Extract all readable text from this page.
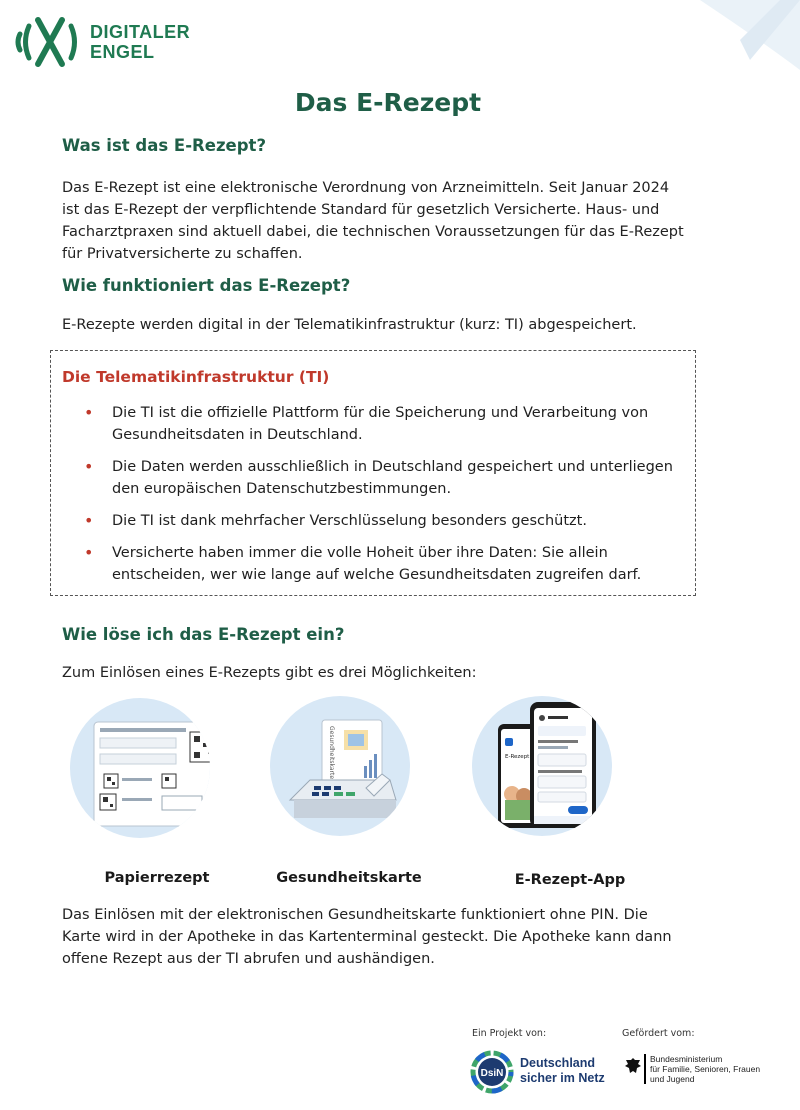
DIGITALER
ENGEL
Das E-Rezept
Was ist das E-Rezept?

Das E-Rezept ist eine elektronische Verordnung von Arzneimitteln. Seit Januar 2024
ist das E-Rezept der verpflichtende Standard für gesetzlich Versicherte. Haus- und
Facharztpraxen sind aktuell dabei, die technischen Voraussetzungen für das E-Rezept
für Privatversicherte zu schaffen.

Wie funktioniert das E-Rezept?

E-Rezepte werden digital in der Telematikinfrastruktur (kurz: TI) abgespeichert.

Die Telematikinfrastruktur (TI)
• Die TI ist die offizielle Plattform für die Speicherung und Verarbeitung von
Gesundheitsdaten in Deutschland.
• Die Daten werden ausschließlich in Deutschland gespeichert und unterliegen
den europäischen Datenschutzbestimmungen.
• Die TI ist dank mehrfacher Verschlüsselung besonders geschützt.
• Versicherte haben immer die volle Hoheit über ihre Daten: Sie allein
entscheiden, wer wie lange auf welche Gesundheitsdaten zugreifen darf.
Wie löse ich das E-Rezept ein?

Zum Einlösen eines E-Rezepts gibt es drei Möglichkeiten:

Gesundheitskarte	E-Rezept
Papierrezept	Gesundheitskarte	E-Rezept-App

Das Einlösen mit der elektronischen Gesundheitskarte funktioniert ohne PIN. Die
Karte wird in der Apotheke in das Kartenterminal gesteckt. Die Apotheke kann dann
offene Rezept aus der TI abrufen und aushändigen.

Ein Projekt von:	Gefördert vom:
DsiN
Deutschland
sicher im Netz
Bundesministerium
für Familie, Senioren, Frauen
und Jugend
